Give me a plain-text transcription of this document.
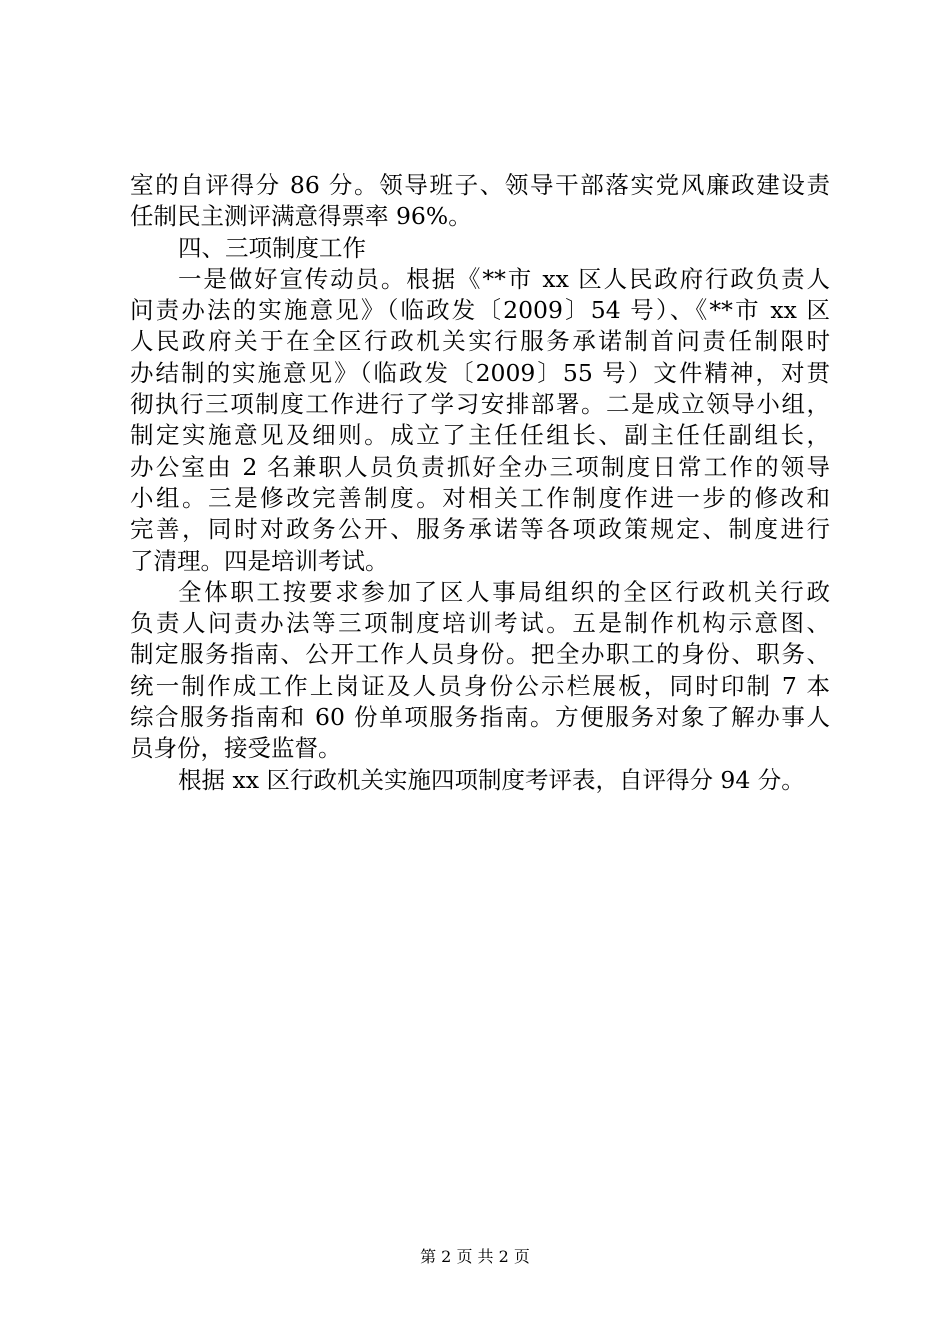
室的自评得分 86 分。领导班子、领导干部落实党风廉政建设责
任制民主测评满意得票率 96%。
四、三项制度工作
一是做好宣传动员。根据《**市 xx 区人民政府行政负责人
问责办法的实施意见》（临政发〔2009〕54 号）、《**市 xx 区
人民政府关于在全区行政机关实行服务承诺制首问责任制限时
办结制的实施意见》（临政发〔2009〕55 号）文件精神，对贯
彻执行三项制度工作进行了学习安排部署。二是成立领导小组，
制定实施意见及细则。成立了主任任组长、副主任任副组长，
办公室由 2 名兼职人员负责抓好全办三项制度日常工作的领导
小组。三是修改完善制度。对相关工作制度作进一步的修改和
完善，同时对政务公开、服务承诺等各项政策规定、制度进行
了清理。四是培训考试。
全体职工按要求参加了区人事局组织的全区行政机关行政
负责人问责办法等三项制度培训考试。五是制作机构示意图、
制定服务指南、公开工作人员身份。把全办职工的身份、职务、
统一制作成工作上岗证及人员身份公示栏展板，同时印制 7 本
综合服务指南和 60 份单项服务指南。方便服务对象了解办事人
员身份，接受监督。
根据 xx 区行政机关实施四项制度考评表，自评得分 94 分。
第 2 页 共 2 页
